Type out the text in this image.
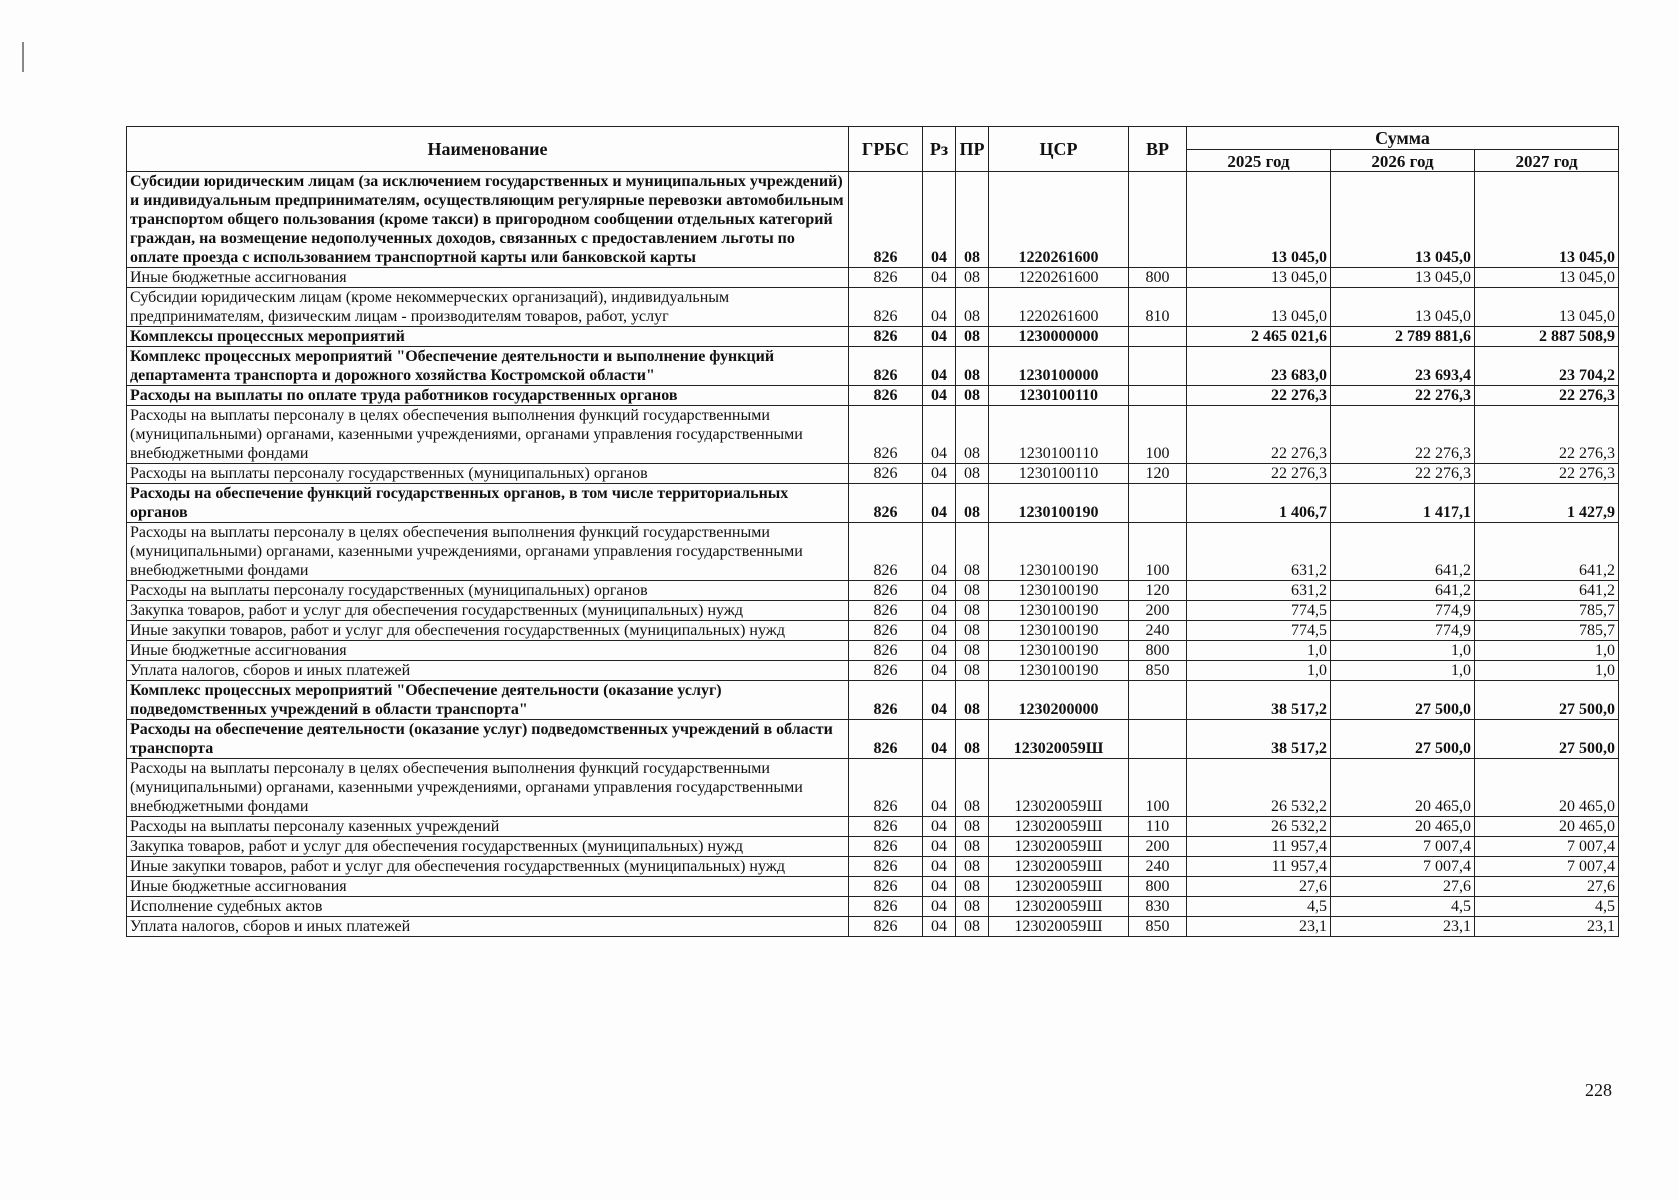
Наименование	ГРБС	Рз	ПР	ЦСР	ВР	Сумма		
						2025 год	2026 год	2027 год
Субсидии юридическим лицам (за исключением государственных и муниципальных учреждений) и индивидуальным предпринимателям, осуществляющим регулярные перевозки автомобильным транспортом общего пользования (кроме такси) в пригородном сообщении отдельных категорий граждан, на возмещение недополученных доходов, связанных с предоставлением льготы по оплате проезда с использованием транспортной карты или банковской карты	826	04	08	1220261600		13 045,0	13 045,0	13 045,0
Иные бюджетные ассигнования	826	04	08	1220261600	800	13 045,0	13 045,0	13 045,0
Субсидии юридическим лицам (кроме некоммерческих организаций), индивидуальным предпринимателям, физическим лицам - производителям товаров, работ, услуг	826	04	08	1220261600	810	13 045,0	13 045,0	13 045,0
Комплексы процессных мероприятий	826	04	08	1230000000		2 465 021,6	2 789 881,6	2 887 508,9
Комплекс процессных мероприятий "Обеспечение деятельности и выполнение функций департамента транспорта и дорожного хозяйства Костромской области"	826	04	08	1230100000		23 683,0	23 693,4	23 704,2
Расходы на выплаты по оплате труда работников государственных органов	826	04	08	1230100110		22 276,3	22 276,3	22 276,3
Расходы на выплаты персоналу в целях обеспечения выполнения функций государственными (муниципальными) органами, казенными учреждениями, органами управления государственными внебюджетными фондами	826	04	08	1230100110	100	22 276,3	22 276,3	22 276,3
Расходы на выплаты персоналу государственных (муниципальных) органов	826	04	08	1230100110	120	22 276,3	22 276,3	22 276,3
Расходы на обеспечение функций государственных органов, в том числе территориальных органов	826	04	08	1230100190		1 406,7	1 417,1	1 427,9
Расходы на выплаты персоналу в целях обеспечения выполнения функций государственными (муниципальными) органами, казенными учреждениями, органами управления государственными внебюджетными фондами	826	04	08	1230100190	100	631,2	641,2	641,2
Расходы на выплаты персоналу государственных (муниципальных) органов	826	04	08	1230100190	120	631,2	641,2	641,2
Закупка товаров, работ и услуг для обеспечения государственных (муниципальных) нужд	826	04	08	1230100190	200	774,5	774,9	785,7
Иные закупки товаров, работ и услуг для обеспечения государственных (муниципальных) нужд	826	04	08	1230100190	240	774,5	774,9	785,7
Иные бюджетные ассигнования	826	04	08	1230100190	800	1,0	1,0	1,0
Уплата налогов, сборов и иных платежей	826	04	08	1230100190	850	1,0	1,0	1,0
Комплекс процессных мероприятий "Обеспечение деятельности (оказание услуг) подведомственных учреждений в области транспорта"	826	04	08	1230200000		38 517,2	27 500,0	27 500,0
Расходы на обеспечение деятельности (оказание услуг) подведомственных учреждений в области транспорта	826	04	08	123020059Ш		38 517,2	27 500,0	27 500,0
Расходы на выплаты персоналу в целях обеспечения выполнения функций государственными (муниципальными) органами, казенными учреждениями, органами управления государственными внебюджетными фондами	826	04	08	123020059Ш	100	26 532,2	20 465,0	20 465,0
Расходы на выплаты персоналу казенных учреждений	826	04	08	123020059Ш	110	26 532,2	20 465,0	20 465,0
Закупка товаров, работ и услуг для обеспечения государственных (муниципальных) нужд	826	04	08	123020059Ш	200	11 957,4	7 007,4	7 007,4
Иные закупки товаров, работ и услуг для обеспечения государственных (муниципальных) нужд	826	04	08	123020059Ш	240	11 957,4	7 007,4	7 007,4
Иные бюджетные ассигнования	826	04	08	123020059Ш	800	27,6	27,6	27,6
Исполнение судебных актов	826	04	08	123020059Ш	830	4,5	4,5	4,5
Уплата налогов, сборов и иных платежей	826	04	08	123020059Ш	850	23,1	23,1	23,1
228
